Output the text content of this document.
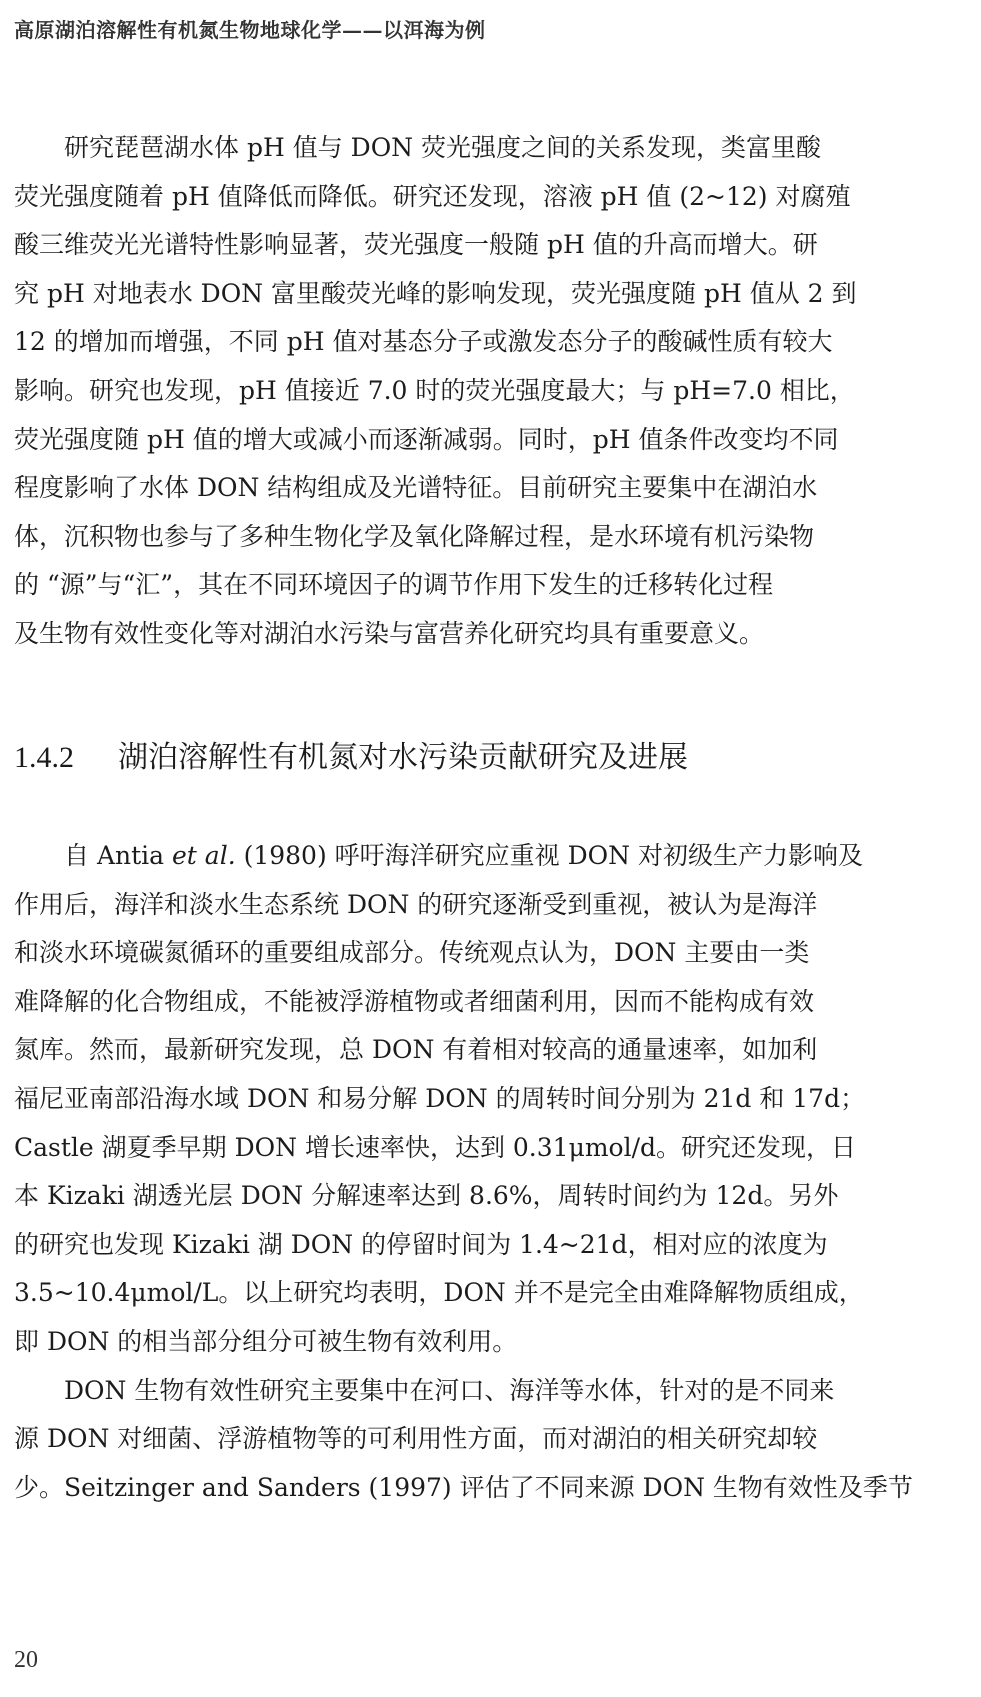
高原湖泊溶解性有机氮生物地球化学——以洱海为例
研究琵琶湖水体 pH 值与 DON 荧光强度之间的关系发现，类富里酸
荧光强度随着 pH 值降低而降低。研究还发现，溶液 pH 值 (2~12) 对腐殖
酸三维荧光光谱特性影响显著，荧光强度一般随 pH 值的升高而增大。研
究 pH 对地表水 DON 富里酸荧光峰的影响发现，荧光强度随 pH 值从 2 到
12 的增加而增强，不同 pH 值对基态分子或激发态分子的酸碱性质有较大
影响。研究也发现，pH 值接近 7.0 时的荧光强度最大；与 pH=7.0 相比，
荧光强度随 pH 值的增大或减小而逐渐减弱。同时，pH 值条件改变均不同
程度影响了水体 DON 结构组成及光谱特征。目前研究主要集中在湖泊水
体，沉积物也参与了多种生物化学及氧化降解过程，是水环境有机污染物
的 “源”与“汇”，其在不同环境因子的调节作用下发生的迁移转化过程
及生物有效性变化等对湖泊水污染与富营养化研究均具有重要意义。
1.4.2 湖泊溶解性有机氮对水污染贡献研究及进展
自 Antia et al. (1980) 呼吁海洋研究应重视 DON 对初级生产力影响及
作用后，海洋和淡水生态系统 DON 的研究逐渐受到重视，被认为是海洋
和淡水环境碳氮循环的重要组成部分。传统观点认为，DON 主要由一类
难降解的化合物组成，不能被浮游植物或者细菌利用，因而不能构成有效
氮库。然而，最新研究发现，总 DON 有着相对较高的通量速率，如加利
福尼亚南部沿海水域 DON 和易分解 DON 的周转时间分别为 21d 和 17d；
Castle 湖夏季早期 DON 增长速率快，达到 0.31μmol/d。研究还发现，日
本 Kizaki 湖透光层 DON 分解速率达到 8.6%，周转时间约为 12d。另外
的研究也发现 Kizaki 湖 DON 的停留时间为 1.4~21d，相对应的浓度为
3.5~10.4μmol/L。以上研究均表明，DON 并不是完全由难降解物质组成，
即 DON 的相当部分组分可被生物有效利用。
DON 生物有效性研究主要集中在河口、海洋等水体，针对的是不同来
源 DON 对细菌、浮游植物等的可利用性方面，而对湖泊的相关研究却较
少。Seitzinger and Sanders (1997) 评估了不同来源 DON 生物有效性及季节
20
